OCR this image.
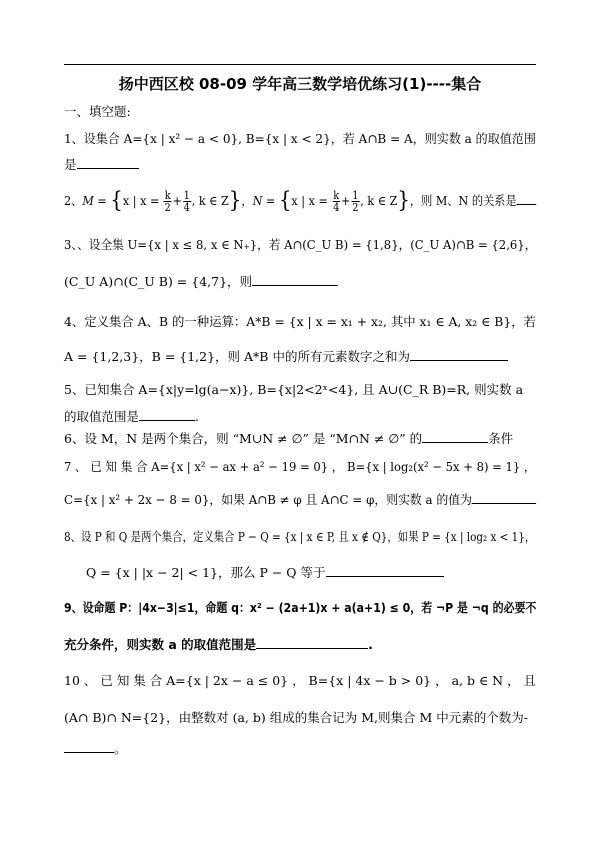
扬中西区校 08-09 学年高三数学培优练习(1)----集合
一、填空题:
1、设集合 A={x | x² − a < 0}, B={x | x < 2}，若 A∩B = A，则实数 a 的取值范围
是
2、M = {x | $x = \frac{k}{2} + \frac{1}{4}$ , k ∈ Z}，N = {x | $x = \frac{k}{4} + \frac{1}{2}$ , k ∈ Z}，则 M、N 的关系是
3、、设全集 U={x | x ≤ 8, x ∈ N₊}，若 A∩(C_U B) = {1,8}，(C_U A)∩B = {2,6}，
(C_U A)∩(C_U B) = {4,7}，则
4、定义集合 A、B 的一种运算：A*B = {x | x = x₁ + x₂, 其中 x₁ ∈ A, x₂ ∈ B}，若
A = {1,2,3}，B = {1,2}，则 A*B 中的所有元素数字之和为
5、已知集合 A={x|y=lg(a−x)}, B={x|2<2ˣ<4}, 且 A∪(C_R B)=R, 则实数 a
的取值范围是	.
6、设 M，N 是两个集合，则 “M∪N ≠ ∅” 是 “M∩N ≠ ∅” 的	条件
7 、 已 知 集 合 A={x | x² − ax + a² − 19 = 0} ， B={x | log₂(x² − 5x + 8) = 1} ，
C={x | x² + 2x − 8 = 0}，如果 A∩B ≠ φ 且 A∩C = φ，则实数 a 的值为
8、设 P 和 Q 是两个集合，定义集合 P − Q = {x | x ∈ P, 且 x ∉ Q}，如果 P = {x | log₂ x < 1}，
Q = {x | |x − 2| < 1}，那么 P − Q 等于
9、设命题 P：|4x−3|≤1，命题 q：x² − (2a+1)x + a(a+1) ≤ 0，若 ¬P 是 ¬q 的必要不
充分条件，则实数 a 的取值范围是	.
10 、 已 知 集 合 A={x | 2x − a ≤ 0} ， B={x | 4x − b > 0} ， a, b ∈ N ， 且
(A∩ B)∩ N={2}，由整数对 (a, b) 组成的集合记为 M,则集合 M 中元素的个数为-
。
